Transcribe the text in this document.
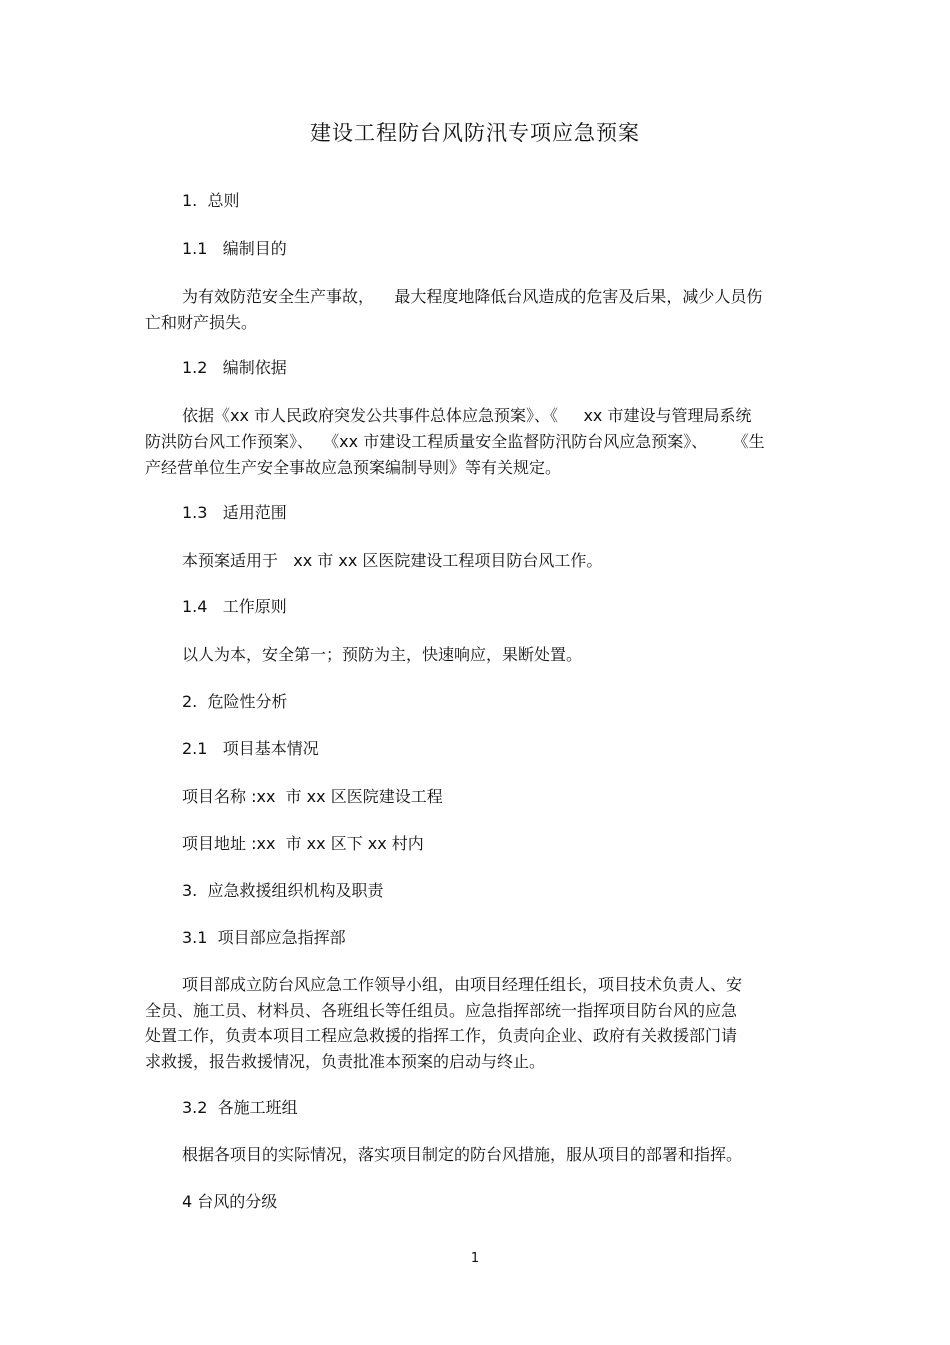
建设工程防台风防汛专项应急预案

1.  总则

1.1   编制目的

为有效防范安全生产事故，    最大程度地降低台风造成的危害及后果，减少人员伤

亡和财产损失。

1.2   编制依据

依据《xx 市人民政府突发公共事件总体应急预案》、《     xx 市建设与管理局系统

防洪防台风工作预案》、  《xx 市建设工程质量安全监督防汛防台风应急预案》、     《生

产经营单位生产安全事故应急预案编制导则》等有关规定。

1.3   适用范围

本预案适用于   xx 市 xx 区医院建设工程项目防台风工作。

1.4   工作原则

以人为本，安全第一；预防为主，快速响应，果断处置。

2.  危险性分析

2.1   项目基本情况

项目名称 :xx  市 xx 区医院建设工程

项目地址 :xx  市 xx 区下 xx 村内

3.  应急救援组织机构及职责

3.1  项目部应急指挥部

项目部成立防台风应急工作领导小组，由项目经理任组长，项目技术负责人、安

全员、施工员、材料员、各班组长等任组员。应急指挥部统一指挥项目防台风的应急

处置工作，负责本项目工程应急救援的指挥工作，负责向企业、政府有关救援部门请

求救援，报告救援情况，负责批准本预案的启动与终止。

3.2  各施工班组

根据各项目的实际情况，落实项目制定的防台风措施，服从项目的部署和指挥。

4 台风的分级

1
